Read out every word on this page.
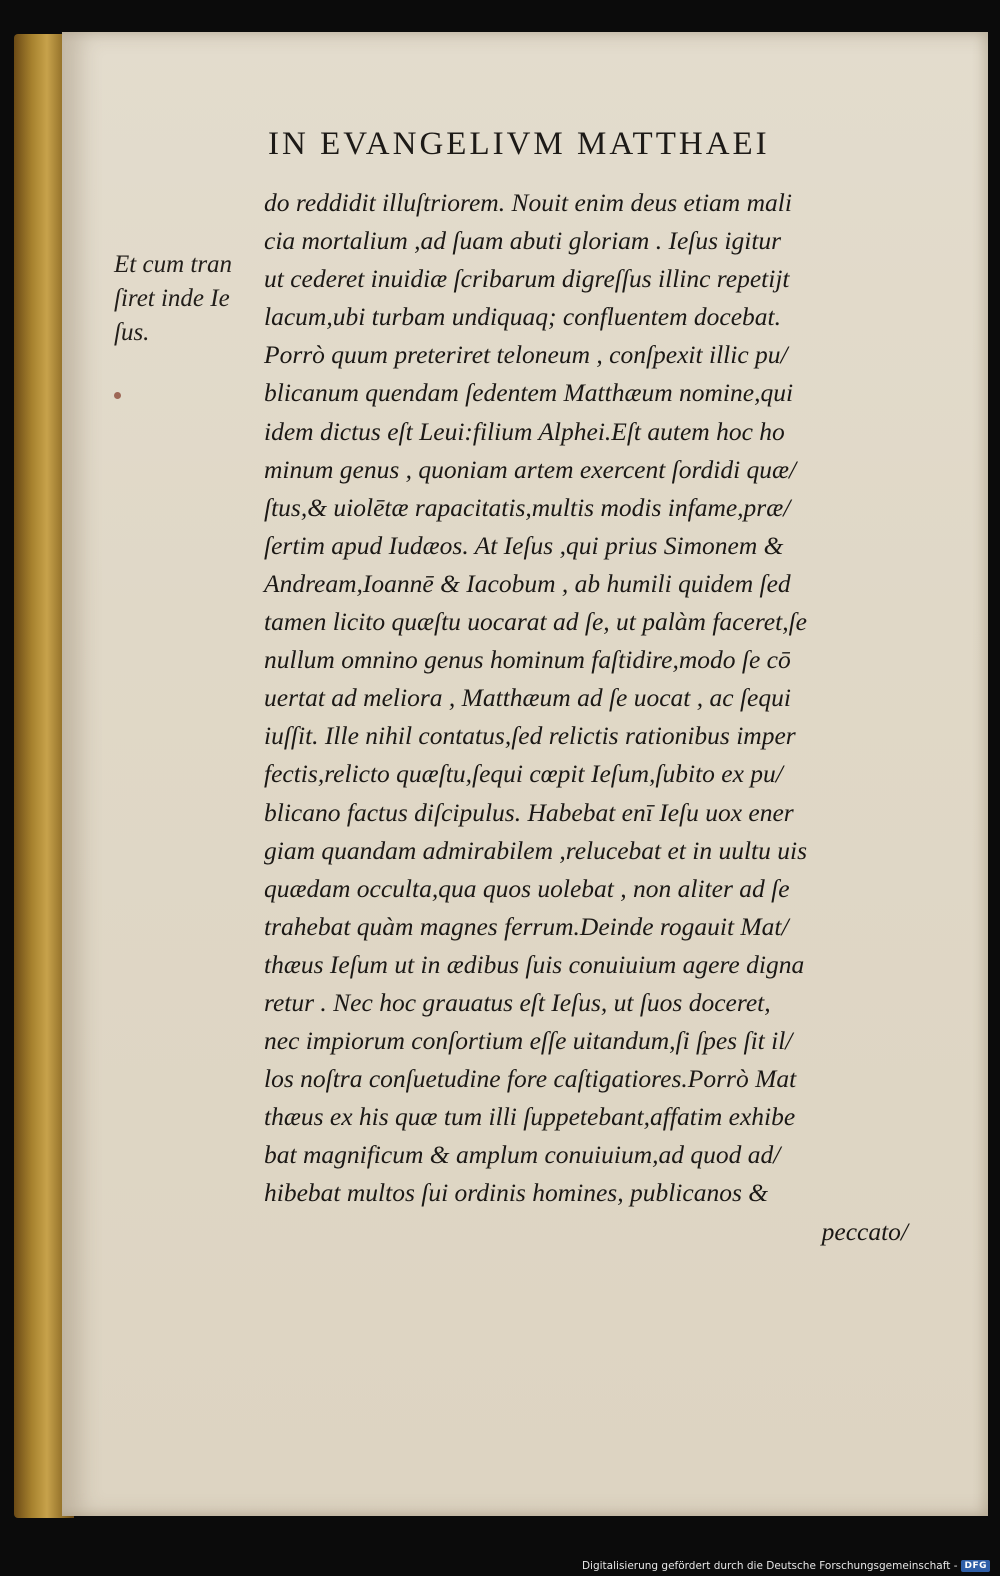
IN EVANGELIVM MATTHAEI
Et cum tran
ſiret inde Ie
ſus.
do reddidit illuſtriorem. Nouit enim deus etiam mali
cia mortalium ,ad ſuam abuti gloriam . Ieſus igitur
ut cederet inuidiæ ſcribarum digreſſus illinc repetijt
lacum,ubi turbam undiquaq; confluentem docebat.
Porrò quum preteriret teloneum , conſpexit illic pu/
blicanum quendam ſedentem Matthæum nomine,qui
idem dictus eſt Leui:filium Alphei.Eſt autem hoc ho
minum genus , quoniam artem exercent ſordidi quæ/
ſtus,& uiolētæ rapacitatis,multis modis infame,præ/
ſertim apud Iudæos. At Ieſus ,qui prius Simonem &
Andream,Ioannē & Iacobum , ab humili quidem ſed
tamen licito quæſtu uocarat ad ſe, ut palàm faceret,ſe
nullum omnino genus hominum faſtidire,modo ſe cō
uertat ad meliora , Matthæum ad ſe uocat , ac ſequi
iuſſit. Ille nihil contatus,ſed relictis rationibus imper
fectis,relicto quæſtu,ſequi cœpit Ieſum,ſubito ex pu/
blicano factus diſcipulus. Habebat enī Ieſu uox ener
giam quandam admirabilem ,relucebat et in uultu uis
quædam occulta,qua quos uolebat , non aliter ad ſe
trahebat quàm magnes ferrum.Deinde rogauit Mat/
thæus Ieſum ut in ædibus ſuis conuiuium agere digna
retur . Nec hoc grauatus eſt Ieſus, ut ſuos doceret,
nec impiorum conſortium eſſe uitandum,ſi ſpes ſit il/
los noſtra conſuetudine fore caſtigatiores.Porrò Mat
thæus ex his quæ tum illi ſuppetebant,affatim exhibe
bat magnificum & amplum conuiuium,ad quod ad/
hibebat multos ſui ordinis homines, publicanos &
peccato/
Digitalisierung gefördert durch die Deutsche Forschungsgemeinschaft - DFG
